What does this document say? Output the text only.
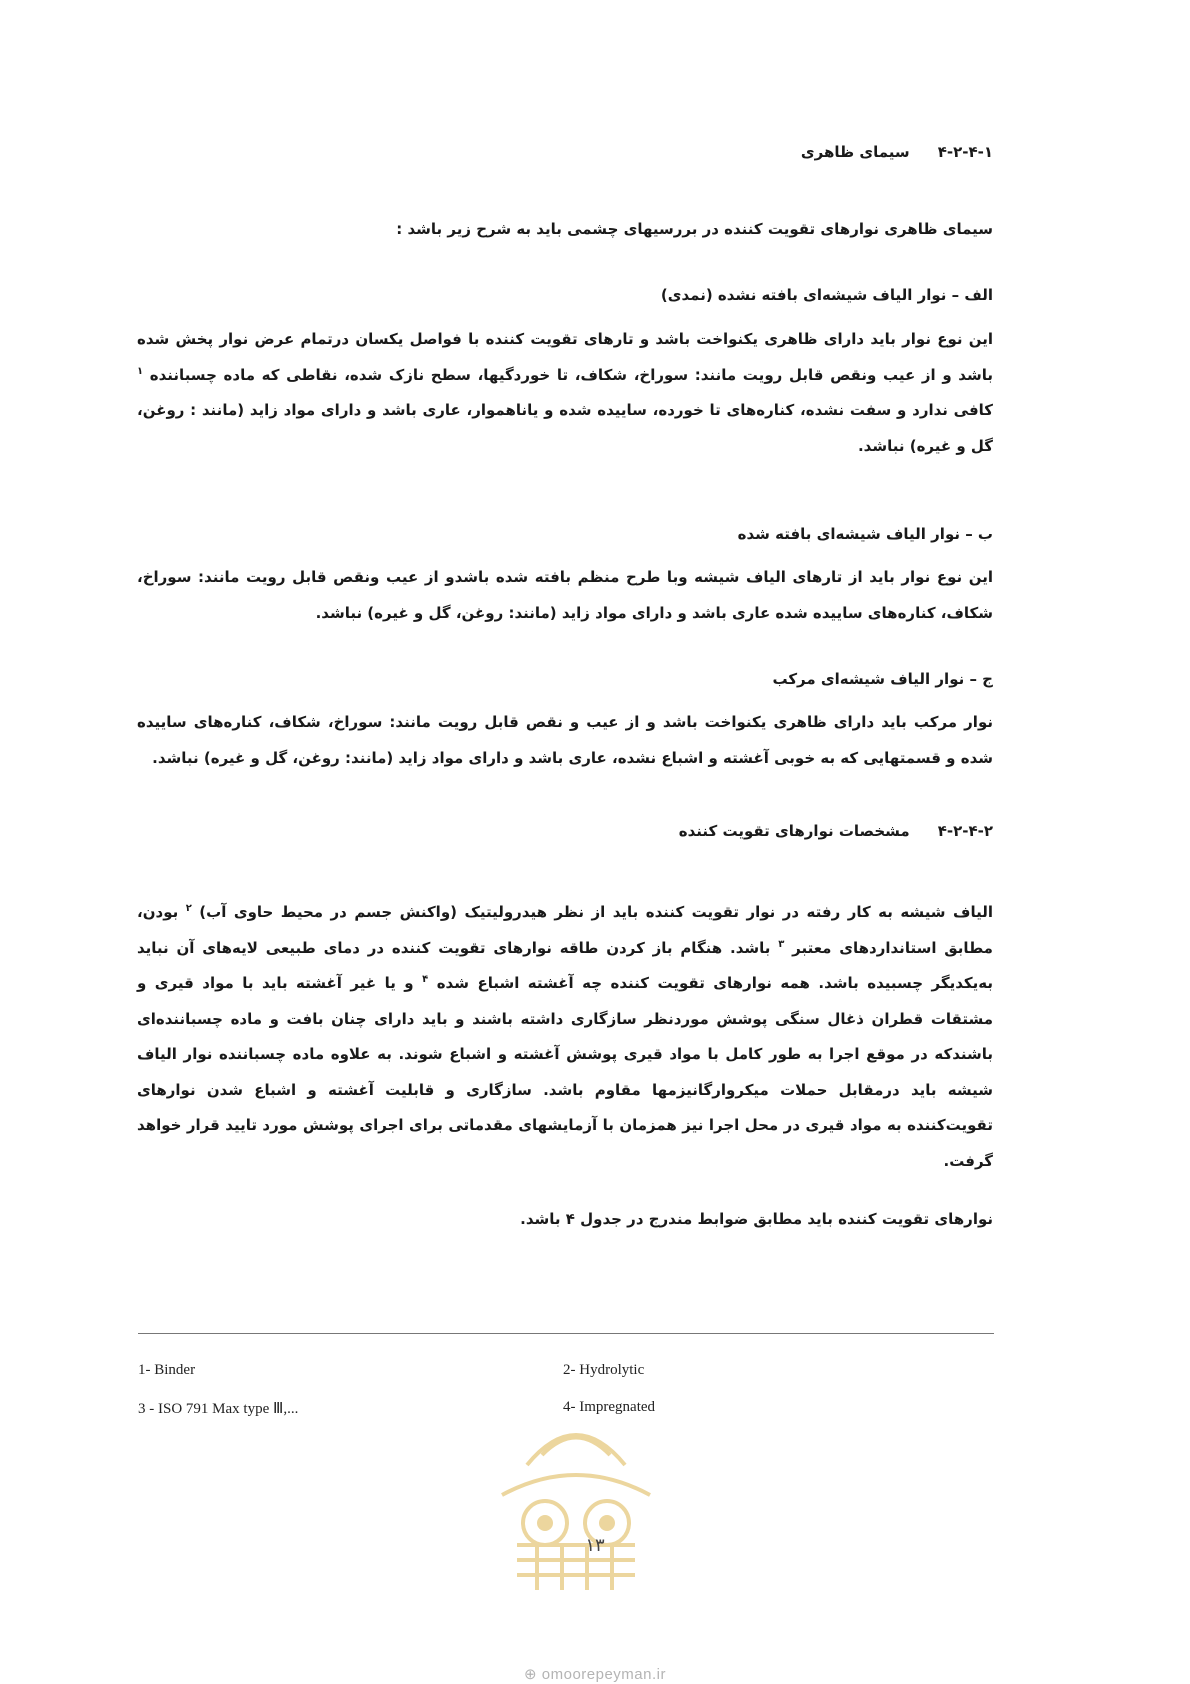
۴-۲-۴-۱سیمای ظاهری
سیمای ظاهری نوارهای تقویت کننده در بررسیهای چشمی باید به شرح زیر باشد :
الف – نوار الیاف شیشه‌ای بافته نشده (نمدی)
این نوع نوار باید دارای ظاهری یکنواخت باشد و تارهای تقویت کننده با فواصل یکسان درتمام عرض نوار پخش شده باشد و از عیب ونقص قابل رویت مانند: سوراخ، شکاف، تا خوردگیها، سطح نازک شده، نقاطی که ماده چسباننده $^۱$ کافی ندارد و سفت نشده، کناره‌های تا خورده، ساییده شده و یاناهموار، عاری باشد و دارای مواد زاید (مانند : روغن، گل و غیره) نباشد.
ب – نوار الیاف شیشه‌ای بافته شده
این نوع نوار باید از تارهای الیاف شیشه وبا طرح منظم بافته شده باشدو از عیب ونقص قابل رویت مانند: سوراخ، شکاف، کناره‌های ساییده شده عاری باشد و دارای مواد زاید (مانند: روغن، گل و غیره) نباشد.
ج – نوار الیاف شیشه‌ای مرکب
نوار مرکب باید دارای ظاهری یکنواخت باشد و از عیب و نقص قابل رویت مانند: سوراخ، شکاف، کناره‌های ساییده شده و قسمتهایی که به خوبی آغشته و اشباع نشده، عاری باشد و دارای مواد زاید (مانند: روغن، گل و غیره) نباشد.
۴-۲-۴-۲مشخصات نوارهای تقویت کننده
الیاف شیشه به کار رفته در نوار تقویت کننده باید از نظر هیدرولیتیک (واکنش جسم در محیط حاوی آب) $^۲$ بودن، مطابق استانداردهای معتبر $^۳$ باشد. هنگام باز کردن طاقه نوارهای تقویت کننده در دمای طبیعی لایه‌های آن نباید به‌یکدیگر چسبیده باشد. همه نوارهای تقویت کننده چه آغشته اشباع شده $^۴$ و یا غیر آغشته باید با مواد قیری و مشتقات قطران ذغال سنگی پوشش موردنظر سازگاری داشته باشند و باید دارای چنان بافت و ماده چسباننده‌ای باشندکه در موقع اجرا به طور کامل با مواد قیری پوشش آغشته و اشباع شوند. به علاوه ماده چسباننده نوار الیاف شیشه باید درمقابل حملات میکروارگانیزمها مقاوم باشد. سازگاری و قابلیت آغشته و اشباع شدن نوارهای تقویت‌کننده به مواد قیری در محل اجرا نیز همزمان با آزمایشهای مقدماتی برای اجرای پوشش مورد تایید قرار خواهد گرفت.
نوارهای تقویت کننده باید مطابق ضوابط مندرج در جدول ۴ باشد.
1- Binder	2- Hydrolytic
3 - ISO 791 Max type Ⅲ,...	4- Impregnated
۱۳
⊕ omoorepeyman.ir
